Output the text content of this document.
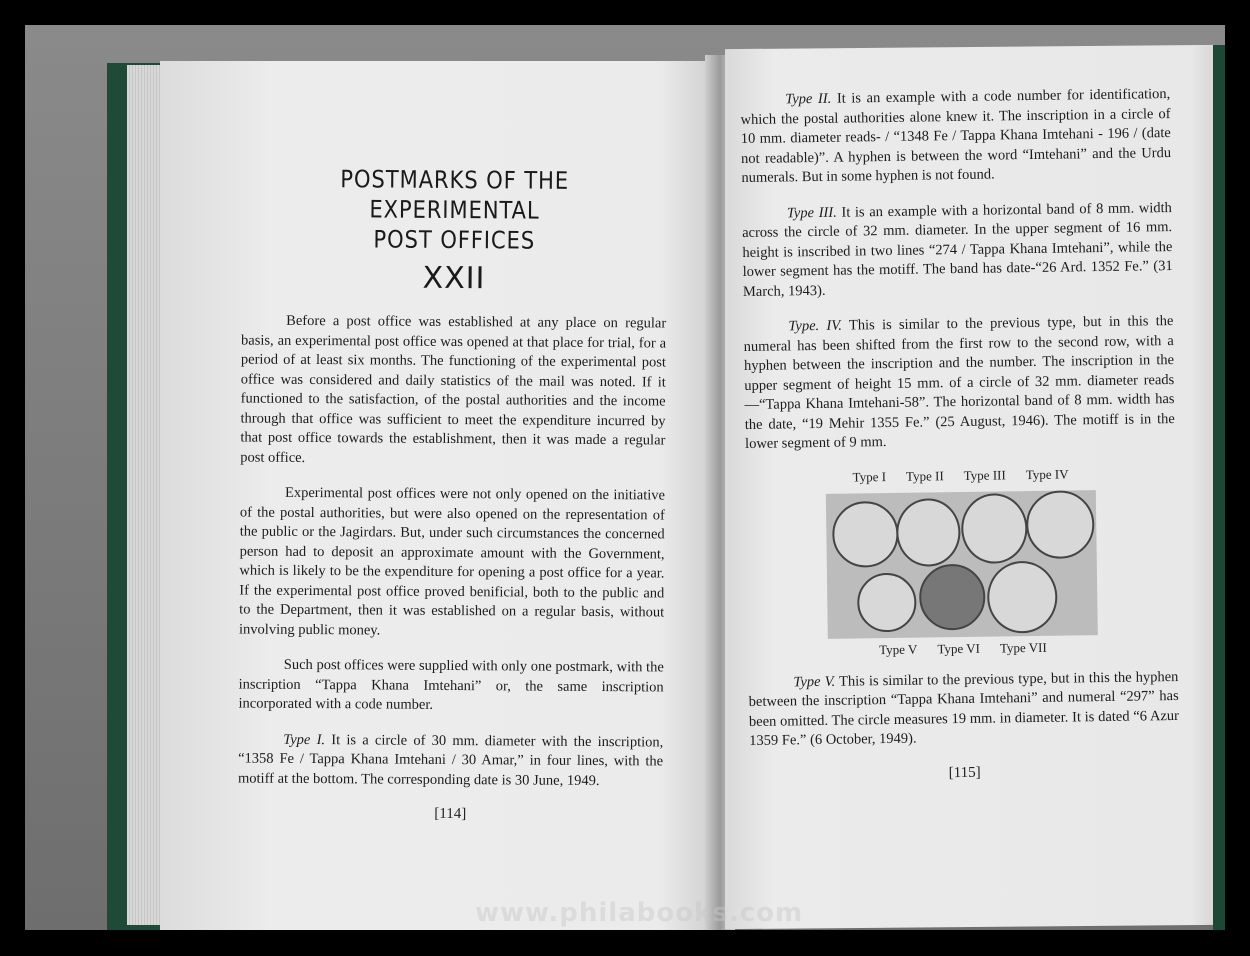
POSTMARKS OF THE EXPERIMENTAL
POST OFFICES
XXII

Before a post office was established at any place on regular basis, an experimental post office was opened at that place for trial, for a period of at least six months. The functioning of the experimental post office was considered and daily statistics of the mail was noted. If it functioned to the satisfaction, of the postal authorities and the income through that office was sufficient to meet the expenditure incurred by that post office towards the establishment, then it was made a regular post office.

Experimental post offices were not only opened on the initiative of the postal authorities, but were also opened on the representation of the public or the Jagirdars. But, under such circumstances the concerned person had to deposit an approximate amount with the Government, which is likely to be the expenditure for opening a post office for a year. If the experimental post office proved benificial, both to the public and to the Department, then it was established on a regular basis, without involving public money.

Such post offices were supplied with only one postmark, with the inscription “Tappa Khana Imtehani” or, the same inscription incorporated with a code number.

Type I. It is a circle of 30 mm. diameter with the inscription, “1358 Fe / Tappa Khana Imtehani / 30 Amar,” in four lines, with the motiff at the bottom. The corresponding date is 30 June, 1949.

[114]

Type II. It is an example with a code number for identification, which the postal authorities alone knew it. The inscription in a circle of 10 mm. diameter reads- / “1348 Fe / Tappa Khana Imtehani - 196 / (date not readable)”. A hyphen is between the word “Imtehani” and the Urdu numerals. But in some hyphen is not found.

Type III. It is an example with a horizontal band of 8 mm. width across the circle of 32 mm. diameter. In the upper segment of 16 mm. height is inscribed in two lines “274 / Tappa Khana Imtehani”, while the lower segment has the motiff. The band has date-“26 Ard. 1352 Fe.” (31 March, 1943).

Type. IV. This is similar to the previous type, but in this the numeral has been shifted from the first row to the second row, with a hyphen between the inscription and the number. The inscription in the upper segment of height 15 mm. of a circle of 32 mm. diameter reads—“Tappa Khana Imtehani-58”. The horizontal band of 8 mm. width has the date, “19 Mehir 1355 Fe.” (25 August, 1946). The motiff is in the lower segment of 9 mm.

Type I Type II Type III Type IV
Type V Type VI Type VII

Type V. This is similar to the previous type, but in this the hyphen between the inscription “Tappa Khana Imtehani” and numeral “297” has been omitted. The circle measures 19 mm. in diameter. It is dated “6 Azur 1359 Fe.” (6 October, 1949).

[115]
www.philabooks.com
